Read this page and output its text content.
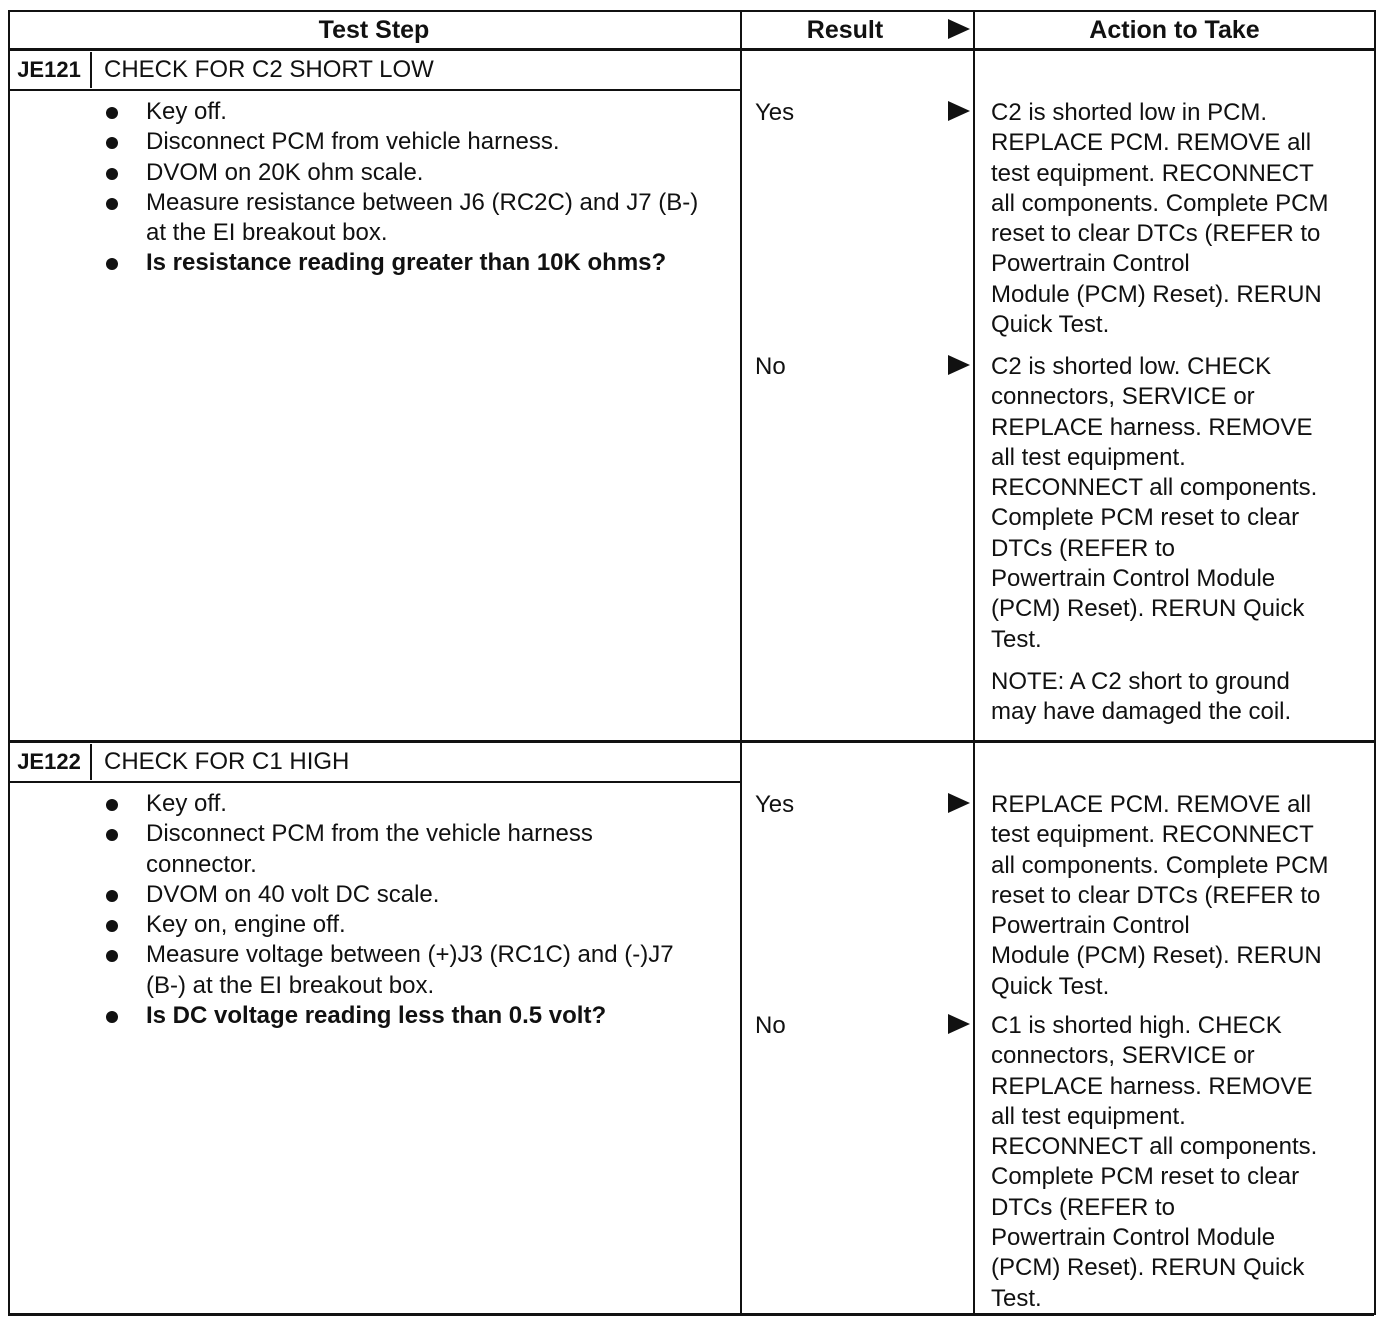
Test Step	Result	Action to Take
JE121 CHECK FOR C2 SHORT LOW
Key off.
Disconnect PCM from vehicle harness.
DVOM on 20K ohm scale.
Measure resistance between J6 (RC2C) and J7 (B-) at the EI breakout box.
Is resistance reading greater than 10K ohms?
Yes	C2 is shorted low in PCM.
REPLACE PCM. REMOVE all
test equipment. RECONNECT
all components. Complete PCM
reset to clear DTCs (REFER to
Powertrain Control
Module (PCM) Reset). RERUN
Quick Test.
No	C2 is shorted low. CHECK
connectors, SERVICE or
REPLACE harness. REMOVE
all test equipment.
RECONNECT all components.
Complete PCM reset to clear
DTCs (REFER to
Powertrain Control Module
(PCM) Reset). RERUN Quick
Test.
NOTE: A C2 short to ground
may have damaged the coil.
JE122 CHECK FOR C1 HIGH
Key off.
Disconnect PCM from the vehicle harness connector.
DVOM on 40 volt DC scale.
Key on, engine off.
Measure voltage between (+)J3 (RC1C) and (-)J7 (B-) at the EI breakout box.
Is DC voltage reading less than 0.5 volt?
Yes	REPLACE PCM. REMOVE all
test equipment. RECONNECT
all components. Complete PCM
reset to clear DTCs (REFER to
Powertrain Control
Module (PCM) Reset). RERUN
Quick Test.
No	C1 is shorted high. CHECK
connectors, SERVICE or
REPLACE harness. REMOVE
all test equipment.
RECONNECT all components.
Complete PCM reset to clear
DTCs (REFER to
Powertrain Control Module
(PCM) Reset). RERUN Quick
Test.
